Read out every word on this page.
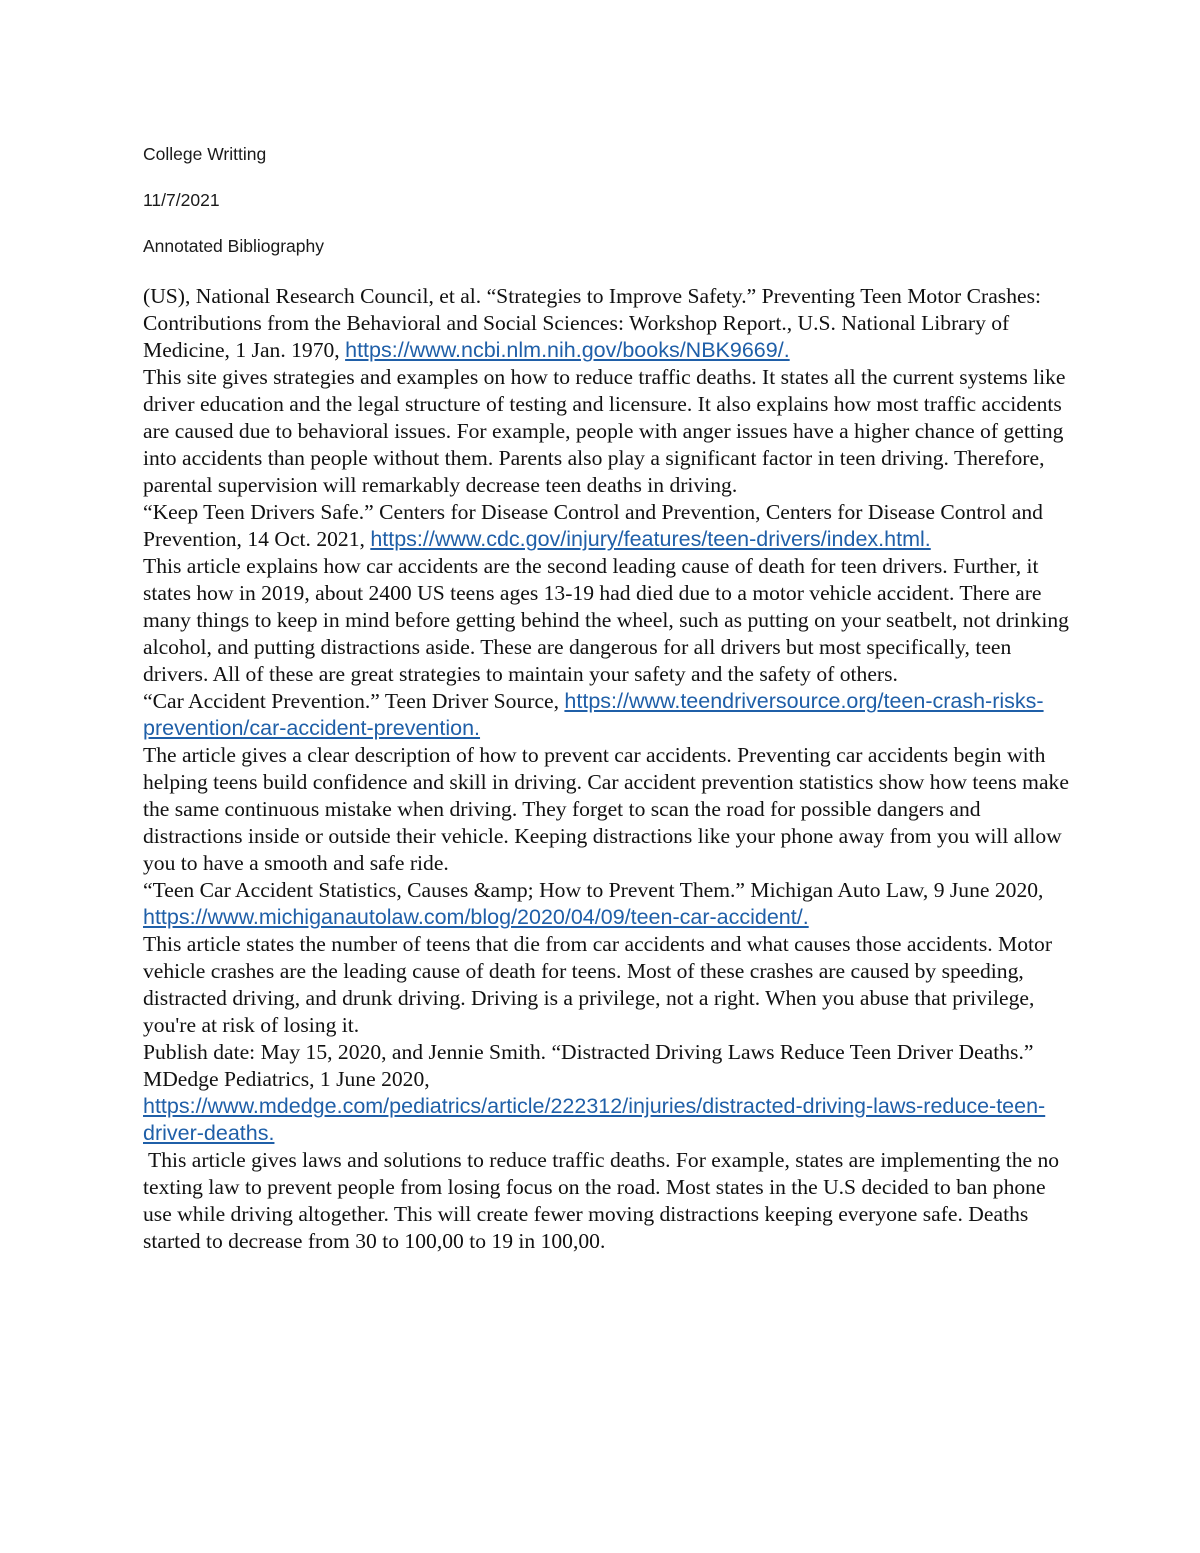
College Writting
11/7/2021
Annotated Bibliography

(US), National Research Council, et al. “Strategies to Improve Safety.” Preventing Teen Motor Crashes: Contributions from the Behavioral and Social Sciences: Workshop Report., U.S. National Library of Medicine, 1 Jan. 1970, https://www.ncbi.nlm.nih.gov/books/NBK9669/.

This site gives strategies and examples on how to reduce traffic deaths. It states all the current systems like driver education and the legal structure of testing and licensure. It also explains how most traffic accidents are caused due to behavioral issues. For example, people with anger issues have a higher chance of getting into accidents than people without them. Parents also play a significant factor in teen driving. Therefore, parental supervision will remarkably decrease teen deaths in driving.

“Keep Teen Drivers Safe.” Centers for Disease Control and Prevention, Centers for Disease Control and Prevention, 14 Oct. 2021, https://www.cdc.gov/injury/features/teen-drivers/index.html.

This article explains how car accidents are the second leading cause of death for teen drivers. Further, it states how in 2019, about 2400 US teens ages 13-19 had died due to a motor vehicle accident. There are many things to keep in mind before getting behind the wheel, such as putting on your seatbelt, not drinking alcohol, and putting distractions aside. These are dangerous for all drivers but most specifically, teen drivers. All of these are great strategies to maintain your safety and the safety of others.

“Car Accident Prevention.” Teen Driver Source, https://www.teendriversource.org/teen-crash-risks-prevention/car-accident-prevention.

The article gives a clear description of how to prevent car accidents. Preventing car accidents begin with helping teens build confidence and skill in driving. Car accident prevention statistics show how teens make the same continuous mistake when driving. They forget to scan the road for possible dangers and distractions inside or outside their vehicle. Keeping distractions like your phone away from you will allow you to have a smooth and safe ride.

“Teen Car Accident Statistics, Causes &amp; How to Prevent Them.” Michigan Auto Law, 9 June 2020, https://www.michiganautolaw.com/blog/2020/04/09/teen-car-accident/.

This article states the number of teens that die from car accidents and what causes those accidents. Motor vehicle crashes are the leading cause of death for teens. Most of these crashes are caused by speeding, distracted driving, and drunk driving. Driving is a privilege, not a right. When you abuse that privilege, you're at risk of losing it.

Publish date: May 15, 2020, and Jennie Smith. “Distracted Driving Laws Reduce Teen Driver Deaths.” MDedge Pediatrics, 1 June 2020, https://www.mdedge.com/pediatrics/article/222312/injuries/distracted-driving-laws-reduce-teen-driver-deaths.

This article gives laws and solutions to reduce traffic deaths. For example, states are implementing the no texting law to prevent people from losing focus on the road. Most states in the U.S decided to ban phone use while driving altogether. This will create fewer moving distractions keeping everyone safe. Deaths started to decrease from 30 to 100,00 to 19 in 100,00.
